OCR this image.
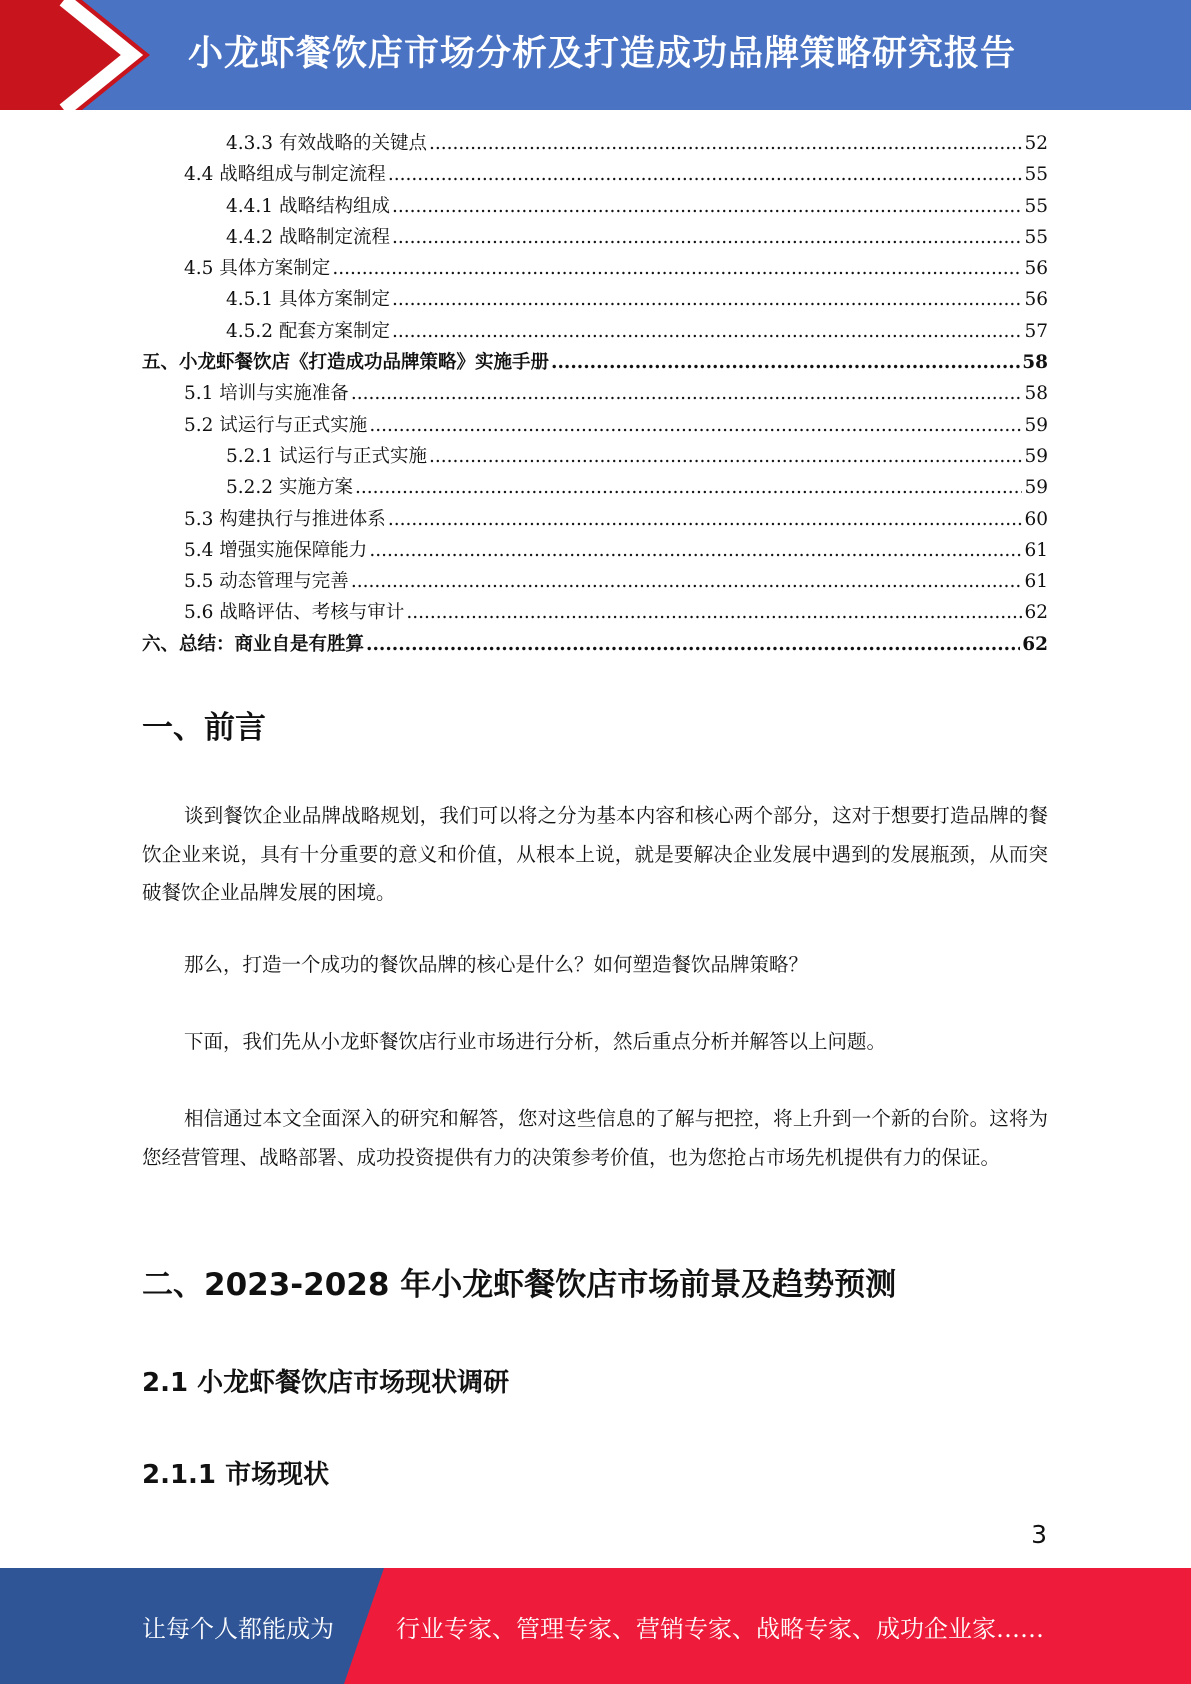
小龙虾餐饮店市场分析及打造成功品牌策略研究报告
4.3.3 有效战略的关键点 .....	52
4.4 战略组成与制定流程 .....	55
4.4.1 战略结构组成 .....	55
4.4.2 战略制定流程 .....	55
4.5 具体方案制定 .....	56
4.5.1 具体方案制定 .....	56
4.5.2 配套方案制定 .....	57
五、小龙虾餐饮店《打造成功品牌策略》实施手册 .....	58
5.1 培训与实施准备 .....	58
5.2 试运行与正式实施 .....	59
5.2.1 试运行与正式实施 .....	59
5.2.2 实施方案 .....	59
5.3 构建执行与推进体系 .....	60
5.4 增强实施保障能力 .....	61
5.5 动态管理与完善 .....	61
5.6 战略评估、考核与审计 .....	62
六、总结：商业自是有胜算 .....	62
一、前言
谈到餐饮企业品牌战略规划，我们可以将之分为基本内容和核心两个部分，这对于想要打造品牌的餐饮企业来说，具有十分重要的意义和价值，从根本上说，就是要解决企业发展中遇到的发展瓶颈，从而突破餐饮企业品牌发展的困境。
那么，打造一个成功的餐饮品牌的核心是什么？如何塑造餐饮品牌策略？
下面，我们先从小龙虾餐饮店行业市场进行分析，然后重点分析并解答以上问题。
相信通过本文全面深入的研究和解答，您对这些信息的了解与把控，将上升到一个新的台阶。这将为您经营管理、战略部署、成功投资提供有力的决策参考价值，也为您抢占市场先机提供有力的保证。
二、2023-2028 年小龙虾餐饮店市场前景及趋势预测
2.1 小龙虾餐饮店市场现状调研
2.1.1 市场现状
3
让每个人都能成为	行业专家、管理专家、营销专家、战略专家、成功企业家……
